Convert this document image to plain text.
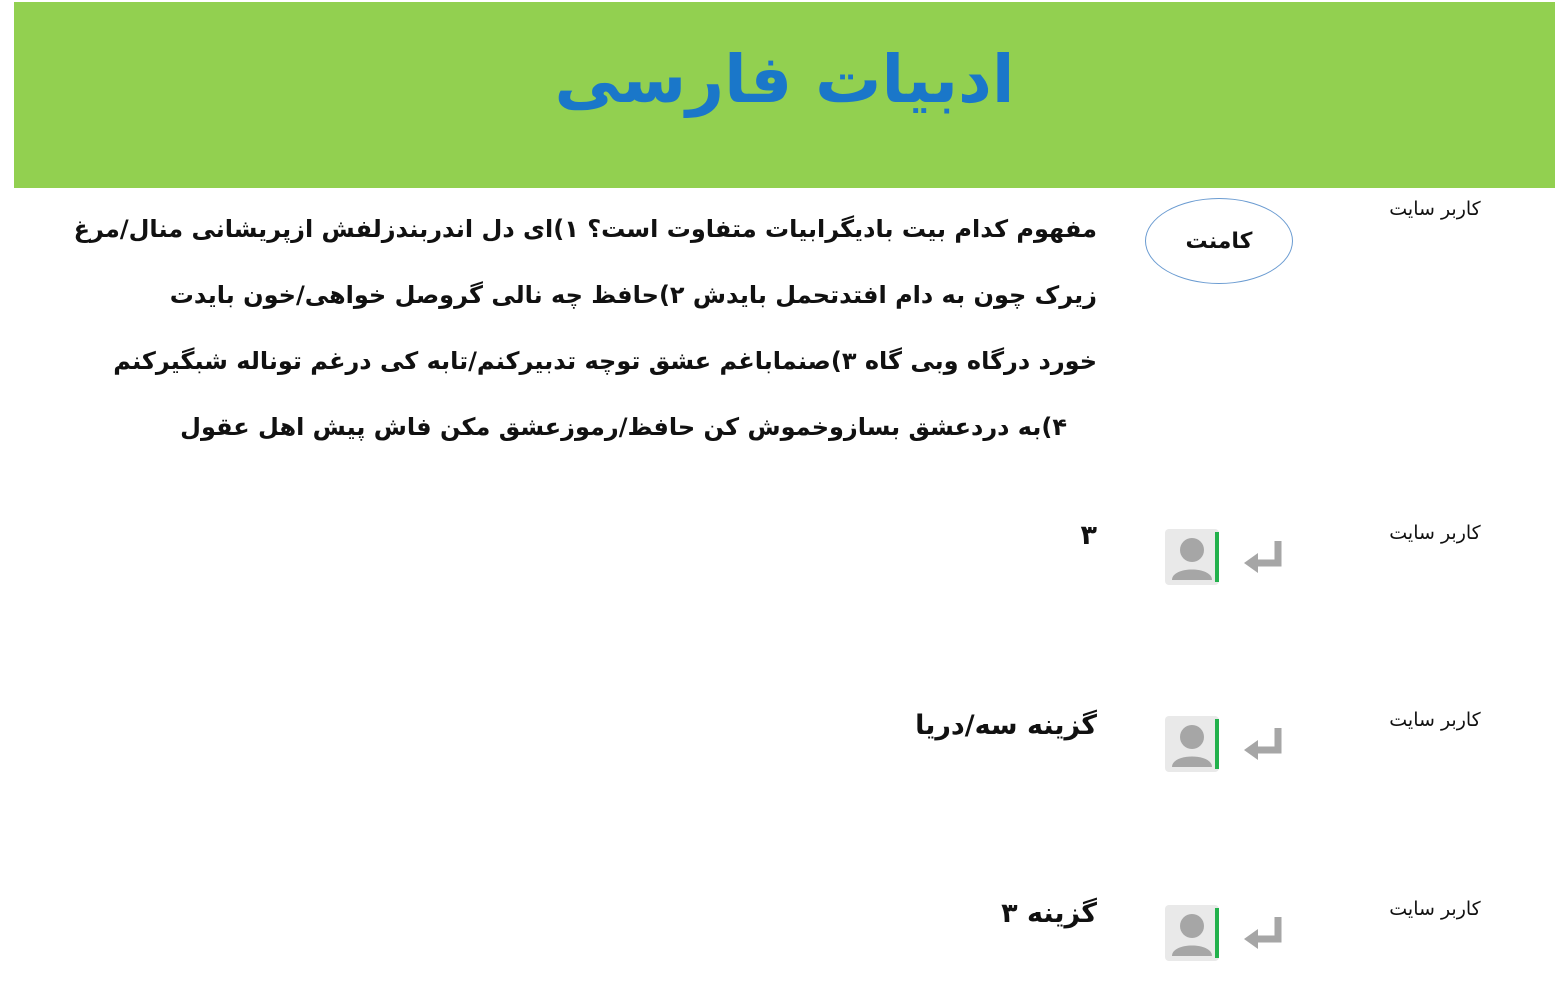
ادبیات فارسی
کاربر سایت
کامنت
مفهوم کدام بیت بادیگرابیات متفاوت است؟ ۱)ای دل اندربندزلفش ازپریشانی منال/مرغ
زیرک چون به دام افتدتحمل بایدش ۲)حافظ چه نالی گروصل خواهی/خون بایدت
خورد درگاه وبی گاه ۳)صنماباغم عشق توچه تدبیرکنم/تابه کی درغم توناله شبگیرکنم
۴)به دردعشق بسازوخموش کن حافظ/رموزعشق مکن فاش پیش اهل عقول
کاربر سایت
۳
کاربر سایت
گزینه سه/دریا
کاربر سایت
گزینه ۳
